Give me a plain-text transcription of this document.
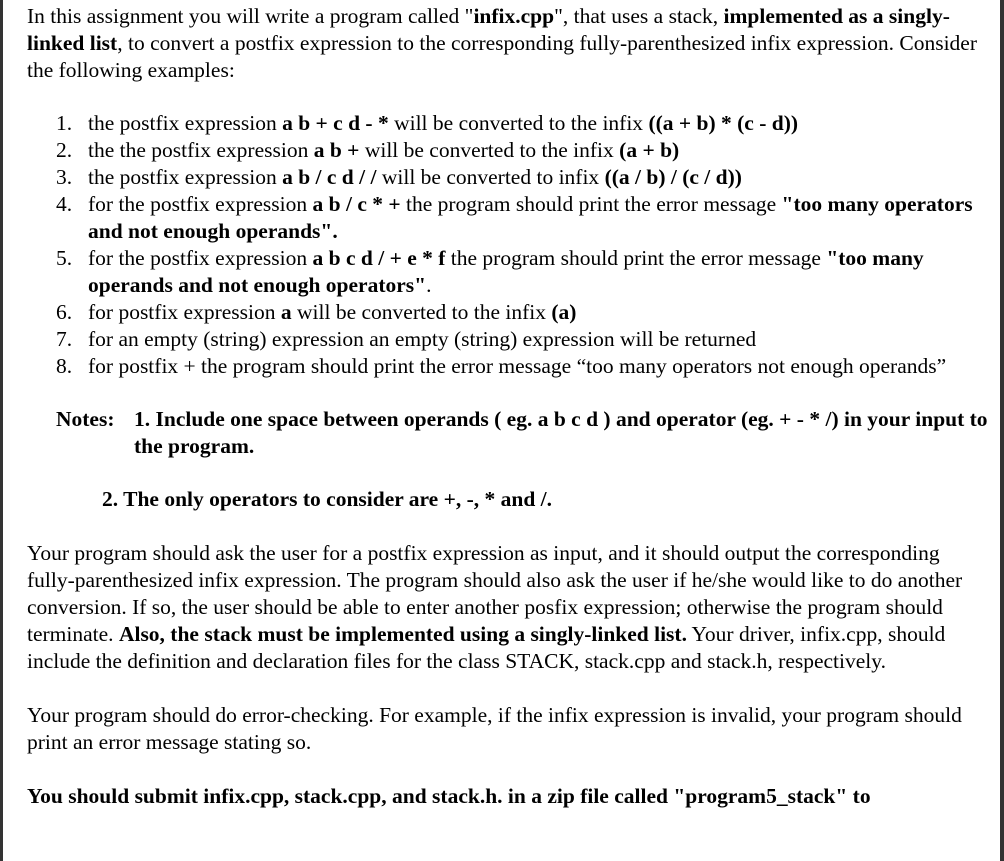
In this assignment you will write a program called "infix.cpp", that uses a stack, implemented as a singly-linked list, to convert a postfix expression to the corresponding fully-parenthesized infix expression. Consider the following examples:

1. the postfix expression a b + c d - * will be converted to the infix ((a + b) * (c - d))
2. the the postfix expression a b + will be converted to the infix (a + b)
3. the postfix expression a b / c d / / will be converted to infix ((a / b) / (c / d))
4. for the postfix expression a b / c * + the program should print the error message "too many operators and not enough operands".
5. for the postfix expression a b c d / + e * f the program should print the error message "too many operands and not enough operators".
6. for postfix expression a will be converted to the infix (a)
7. for an empty (string) expression an empty (string) expression will be returned
8. for postfix + the program should print the error message “too many operators not enough operands”
Notes: 1. Include one space between operands ( eg. a b c d ) and operator (eg. + - * /) in your input to the program.

2. The only operators to consider are +, -, * and /.

Your program should ask the user for a postfix expression as input, and it should output the corresponding fully-parenthesized infix expression. The program should also ask the user if he/she would like to do another conversion. If so, the user should be able to enter another posfix expression; otherwise the program should terminate. Also, the stack must be implemented using a singly-linked list. Your driver, infix.cpp, should include the definition and declaration files for the class STACK, stack.cpp and stack.h, respectively.

Your program should do error-checking. For example, if the infix expression is invalid, your program should print an error message stating so.

You should submit infix.cpp, stack.cpp, and stack.h. in a zip file called "program5_stack" to
